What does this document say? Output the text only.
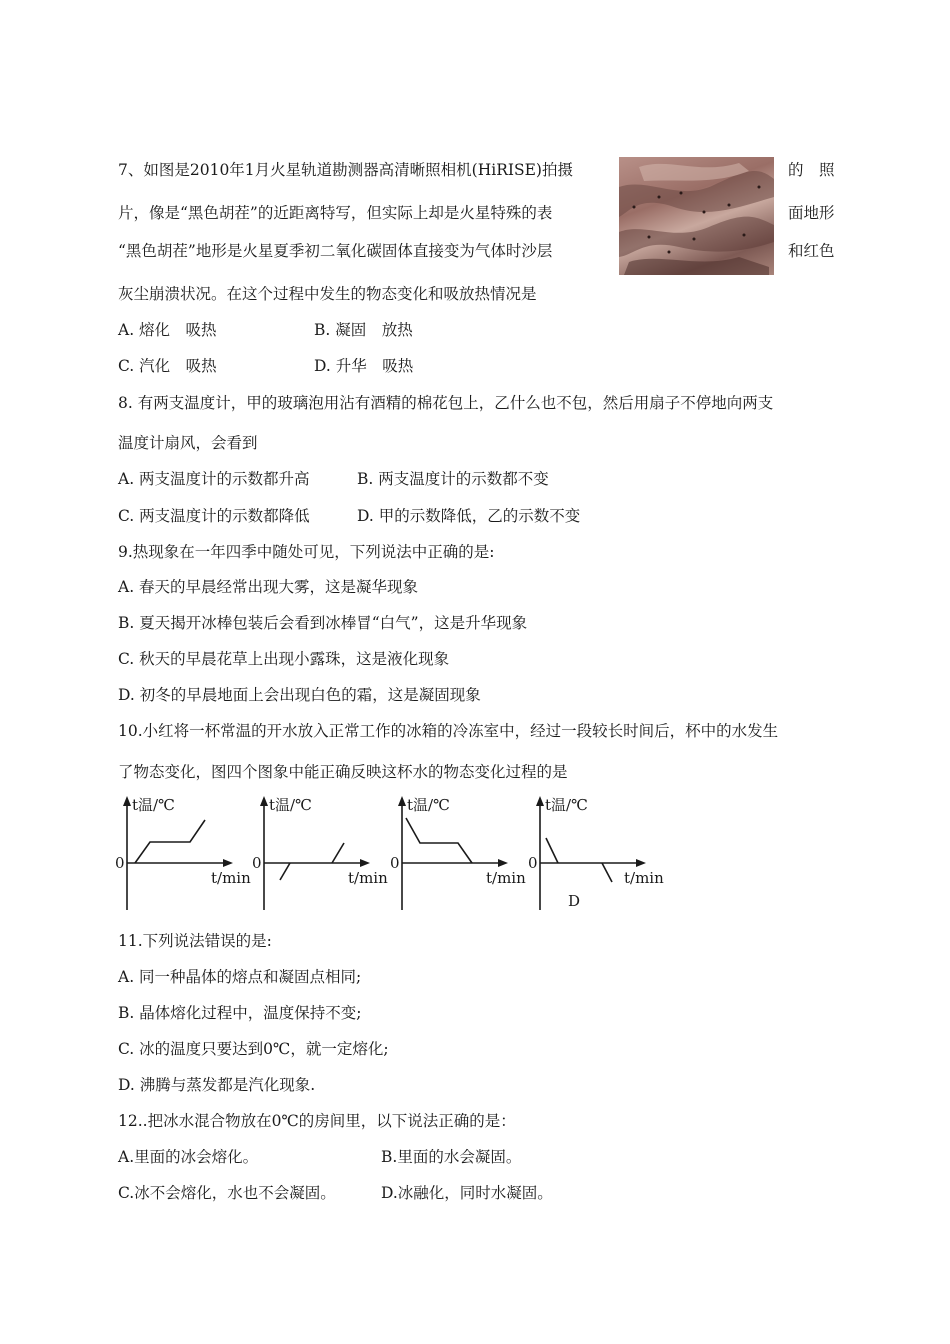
7、如图是2010年1月火星轨道勘测器高清晰照相机(HiRISE)拍摄	的　照
片，像是“黑色胡茬”的近距离特写，但实际上却是火星特殊的表	面地形
“黑色胡茬”地形是火星夏季初二氧化碳固体直接变为气体时沙层	和红色
灰尘崩溃状况。在这个过程中发生的物态变化和吸放热情况是
A. 熔化　吸热	B. 凝固　放热
C. 汽化　吸热	D. 升华　吸热
8. 有两支温度计，甲的玻璃泡用沾有酒精的棉花包上，乙什么也不包，然后用扇子不停地向两支
温度计扇风，会看到
A. 两支温度计的示数都升高	B. 两支温度计的示数都不变
C. 两支温度计的示数都降低	D. 甲的示数降低，乙的示数不变
9.热现象在一年四季中随处可见，下列说法中正确的是:
A. 春天的早晨经常出现大雾，这是凝华现象
B. 夏天揭开冰棒包装后会看到冰棒冒“白气”，这是升华现象
C. 秋天的早晨花草上出现小露珠，这是液化现象
D. 初冬的早晨地面上会出现白色的霜，这是凝固现象
10.小红将一杯常温的开水放入正常工作的冰箱的冷冻室中，经过一段较长时间后，杯中的水发生
了物态变化，图四个图象中能正确反映这杯水的物态变化过程的是
t温/℃
0
t/min
t温/℃
0
t/min
t温/℃
0
t/min
t温/℃
0
t/min
D
11.下列说法错误的是:
A. 同一种晶体的熔点和凝固点相同;
B. 晶体熔化过程中，温度保持不变;
C. 冰的温度只要达到0℃，就一定熔化;
D. 沸腾与蒸发都是汽化现象.
12..把冰水混合物放在0℃的房间里，以下说法正确的是：
A.里面的冰会熔化。	B.里面的水会凝固。
C.冰不会熔化，水也不会凝固。	D.冰融化，同时水凝固。
